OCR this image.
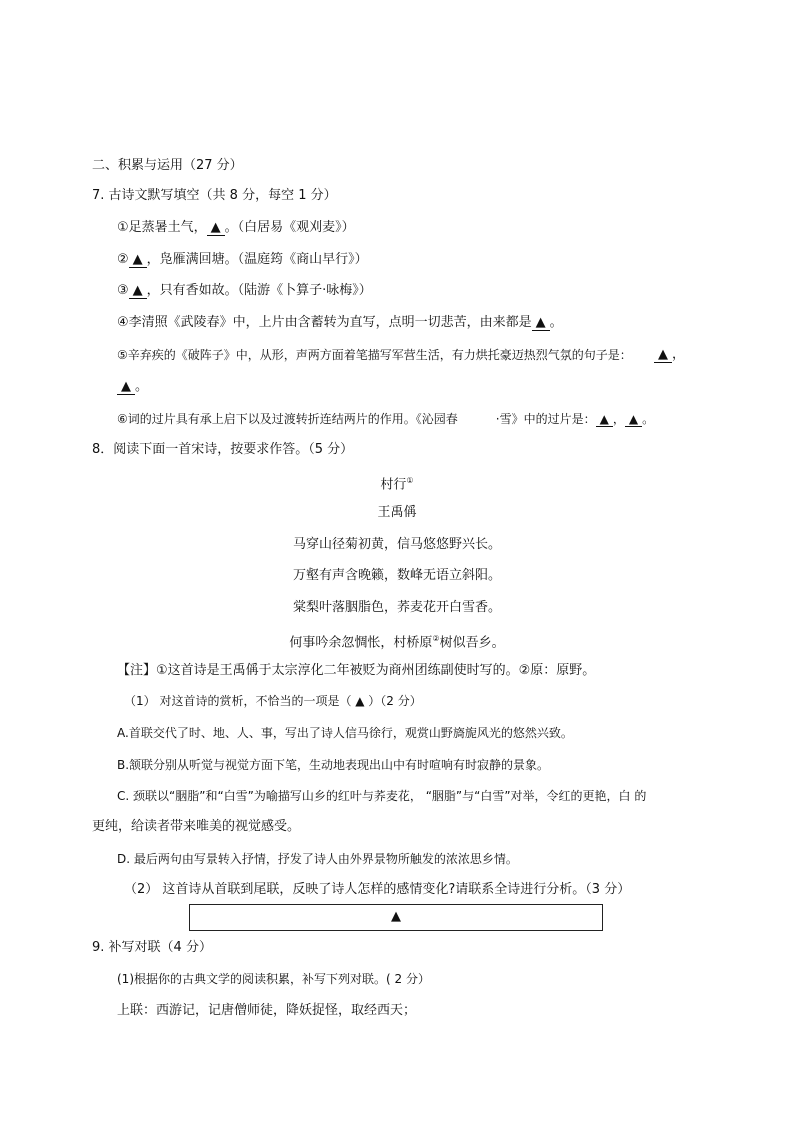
二、积累与运用（27 分）
7. 古诗文默写填空（共 8 分，每空 1 分）
①足蒸暑土气， ▲ 。（白居易《观刈麦》）
② ▲ ，凫雁满回塘。（温庭筠《商山早行》）
③ ▲ ，只有香如故。（陆游《卜算子·咏梅》）
④李清照《武陵春》中，上片由含蓄转为直写，点明一切悲苦，由来都是 ▲ 。
⑤辛弃疾的《破阵子》中，从形，声两方面着笔描写军营生活，有力烘托豪迈热烈气氛的句子是：	▲ ，
▲ 。
⑥词的过片具有承上启下以及过渡转折连结两片的作用。《沁园春	·雪》中的过片是： ▲ ， ▲ 。
8．阅读下面一首宋诗，按要求作答。（5 分）
村行①
王禹偁
马穿山径菊初黄，信马悠悠野兴长。
万壑有声含晚籁，数峰无语立斜阳。
棠梨叶落胭脂色，荞麦花开白雪香。
何事吟余忽惆怅，村桥原②树似吾乡。
【注】①这首诗是王禹偁于太宗淳化二年被贬为商州团练副使时写的。②原：原野。
（1） 对这首诗的赏析，不恰当的一项是（ ▲ ）（2 分）
A.首联交代了时、地、人、事，写出了诗人信马徐行，观赏山野旖旎风光的悠然兴致。
B.颔联分别从听觉与视觉方面下笔，生动地表现出山中有时喧响有时寂静的景象。
C. 颈联以“胭脂”和“白雪”为喻描写山乡的红叶与荞麦花， “胭脂”与“白雪”对举，令红的更艳，白 的
更纯，给读者带来唯美的视觉感受。
D. 最后两句由写景转入抒情，抒发了诗人由外界景物所触发的浓浓思乡情。
（2） 这首诗从首联到尾联，反映了诗人怎样的感情变化?请联系全诗进行分析。（3 分）
▲
9. 补写对联（4 分）
(1)根据你的古典文学的阅读积累，补写下列对联。( 2 分）
上联：西游记，记唐僧师徒，降妖捉怪，取经西天；
